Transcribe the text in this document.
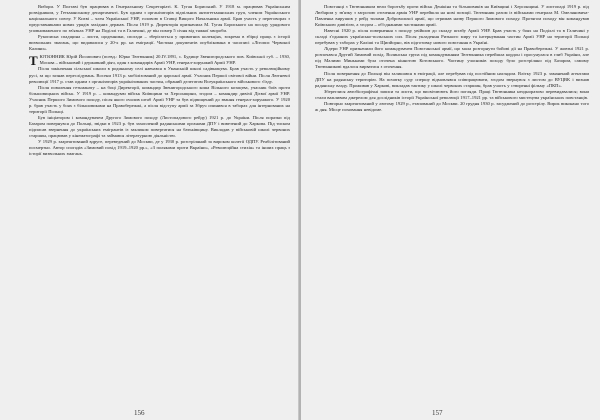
Вибори. У Полтаві був працював в Генеральному Секретаріаті. К. Тугая Бориський. У 1918 м. працював Українським розвідником, у Гетьманському департаменті. Був одним з організаторів підпільних антигетьманських груп, членом Українського національного союзу. У Києві – член Української УНР, головою в Ставці Вищого Начальника армії. Брав участь у переговорах з представниками нових урядів західних держав. Після 1919 р. Директорія призначила М. Тугая Бориського на посаду урядового уповноваженого по зв'язках УНР на Поділлі та в Галичині, де він помер 5 січня від тяжкої хвороби.

Рукописна спадщина – листи, щоденники, спогади – зберігається у приватних колекціях, зокрема в збірці праць з історії визвольних змагань, що видавалися у 20-х рр. на еміграції. Частина документів опублікована в часописі «Літопис Червоної Калини».

Т ЮТЮННИК Юрій Йосипович (псевд.: Юрко Тютюнник) 20.IV.1891, с. Будище Звенигородського пов. Київської губ. – 1930, Москва – військовий і державний діяч, один з командирів Армії УНР, генерал-хорунжий Армії УНР.

Після закінчення сільської школи в родинному селі навчався в Уманській школі садівництва. Брав участь у революційному русі, за що зазнав переслідувань. Восени 1913 р. мобілізований до царської армії. Учасник Першої світової війни. Після Лютневої революції 1917 р. став одним з організаторів українізованих частин, обраний делегатом Всеукраїнського військового з'їзду.

Після повалення гетьманату – на боці Директорії, командир Звенигородського коша Вільного козацтва, учасник боїв проти більшовицьких військ. У 1919 р. – командувач військ Київщини та Херсонщини, згодом – командир дивізії Дієвої армії УНР. Учасник Першого Зимового походу, після якого очолив штаб Армії УНР та був підвищений до звання генерал-хорунжого. У 1920 р. брав участь у боях з більшовиками на Правобережжі, а після відступу армії за Збруч опинився в таборах для інтернованих на території Польщі.

Був ініціатором і командувачем Другого Зимового походу (Листопадового рейду) 1921 р. до України. Після поразки під Базаром повернувся до Польщі, звідки в 1923 р. був захоплений радянськими органами ДПУ і вивезений до Харкова. Під тиском підписав звернення до українських емігрантів із закликом повертатися на батьківщину. Викладав у військовій школі червоних старшин, працював у кінематографі та займався літературною діяльністю.

У 1929 р. заарештований вдруге, переведений до Москви, де у 1930 р. розстріляний за вироком колегії ОДПУ. Реабілітований посмертно. Автор спогадів «Зимовий похід 1919–1920 рр.», «З поляками проти Вкраїни», «Революційна стихія» та інших праць з історії визвольних змагань.

156

Повстанці з Тютюнником вели боротьбу проти військ Денікіна та більшовиків на Київщині і Херсонщині. У листопаді 1919 р. під Любаром у зв'язку з загрозою оточення армія УНР перейшла на нові позиції. Тютюнник разом із військами генерала М. Омеляновича-Павленка вирушив у рейд тилами Добровольчої армії, що отримав назву Першого Зимового походу. Протягом походу він командував Київською дивізією, а згодом – об'єднаними частинами армії.

Навесні 1920 р. після повернення з походу увійшов до складу штабу Армії УНР. Брав участь у боях на Поділлі та в Галичині у складі з'єднаних українсько-польських сил. Після укладення Ризького миру та інтернування частин Армії УНР на території Польщі перебував у таборах у Каліші та Щипйорно, вів підготовку нового повстання в Україні.

Лідери УНР призначили його командувачем Повстанської армії, що мала розгорнути бойові дії на Правобережжі. У жовтні 1921 р. розпочався Другий Зимовий похід. Волинська група під командуванням Тютюнника перейшла кордон і просунулася в глиб України, але під Малими Миньками була оточена кіннотою Котовського. Частину учасників походу було розстріляно під Базаром, самому Тютюнникові вдалося вирватися з оточення.

Після повернення до Польщі він залишався в еміграції, але перебував під постійним наглядом. Влітку 1923 р. заманений агентами ДПУ на радянську територію. На початку суду спершу відмовлявся співпрацювати, згодом звернувся з листом до ВУЦВК і визнав радянську владу. Проживав у Харкові, викладав тактику у школі червоних старшин, брав участь у створенні фільму «ПКП».

Збереглися автобіографічні записи та листи, що висвітлюють його погляди. Праці Тютюнника неодноразово перевидавалися; вони стали важливим джерелом для дослідників історії Української революції 1917–1921 рр. та військового мистецтва українських повстанців.

Повторно заарештований у лютому 1929 р., етапований до Москви. 20 грудня 1930 р. засуджений до розстрілу. Вирок виконано того ж дня. Місце поховання невідоме.

157
